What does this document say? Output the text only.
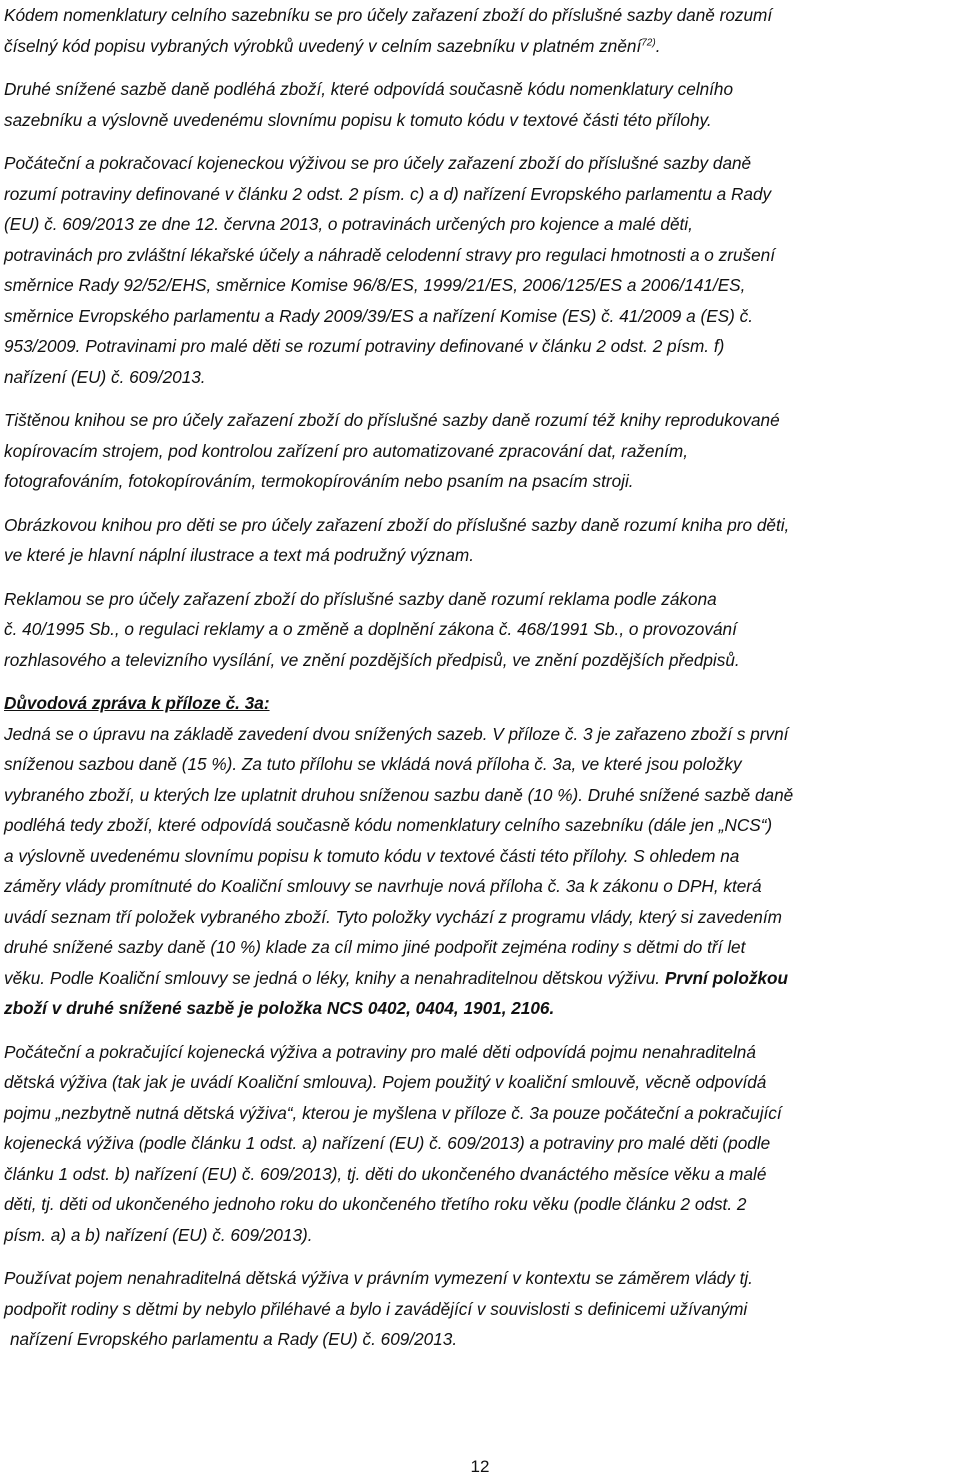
Kódem nomenklatury celního sazebníku se pro účely zařazení zboží do příslušné sazby daně rozumí
číselný kód popisu vybraných výrobků uvedený v celním sazebníku v platném znění$^{72)}$.
Druhé snížené sazbě daně podléhá zboží, které odpovídá současně kódu nomenklatury celního
sazebníku a výslovně uvedenému slovnímu popisu k tomuto kódu v textové části této přílohy.
Počáteční a pokračovací kojeneckou výživou se pro účely zařazení zboží do příslušné sazby daně
rozumí potraviny definované v článku 2 odst. 2 písm. c) a d) nařízení Evropského parlamentu a Rady
(EU) č. 609/2013 ze dne 12. června 2013, o potravinách určených pro kojence a malé děti,
potravinách pro zvláštní lékařské účely a náhradě celodenní stravy pro regulaci hmotnosti a o zrušení
směrnice Rady 92/52/EHS, směrnice Komise 96/8/ES, 1999/21/ES, 2006/125/ES a 2006/141/ES,
směrnice Evropského parlamentu a Rady 2009/39/ES a nařízení Komise (ES) č. 41/2009 a (ES) č.
953/2009. Potravinami pro malé děti se rozumí potraviny definované v článku 2 odst. 2 písm. f)
nařízení (EU) č. 609/2013.
Tištěnou knihou se pro účely zařazení zboží do příslušné sazby daně rozumí též knihy reprodukované
kopírovacím strojem, pod kontrolou zařízení pro automatizované zpracování dat, ražením,
fotografováním, fotokopírováním, termokopírováním nebo psaním na psacím stroji.
Obrázkovou knihou pro děti se pro účely zařazení zboží do příslušné sazby daně rozumí kniha pro děti,
ve které je hlavní náplní ilustrace a text má podružný význam.
Reklamou se pro účely zařazení zboží do příslušné sazby daně rozumí reklama podle zákona
č. 40/1995 Sb., o regulaci reklamy a o změně a doplnění zákona č. 468/1991 Sb., o provozování
rozhlasového a televizního vysílání, ve znění pozdějších předpisů, ve znění pozdějších předpisů.
Důvodová zpráva k příloze č. 3a:
Jedná se o úpravu na základě zavedení dvou snížených sazeb. V příloze č. 3 je zařazeno zboží s první
sníženou sazbou daně (15 %). Za tuto přílohu se vkládá nová příloha č. 3a, ve které jsou položky
vybraného zboží, u kterých lze uplatnit druhou sníženou sazbu daně (10 %). Druhé snížené sazbě daně
podléhá tedy zboží, které odpovídá současně kódu nomenklatury celního sazebníku (dále jen „NCS“)
a výslovně uvedenému slovnímu popisu k tomuto kódu v textové části této přílohy. S ohledem na
záměry vlády promítnuté do Koaliční smlouvy se navrhuje nová příloha č. 3a k zákonu o DPH, která
uvádí seznam tří položek vybraného zboží. Tyto položky vychází z programu vlády, který si zavedením
druhé snížené sazby daně (10 %) klade za cíl mimo jiné podpořit zejména rodiny s dětmi do tří let
věku. Podle Koaliční smlouvy se jedná o léky, knihy a nenahraditelnou dětskou výživu. První položkou
zboží v druhé snížené sazbě je položka NCS 0402, 0404, 1901, 2106.
Počáteční a pokračující kojenecká výživa a potraviny pro malé děti odpovídá pojmu nenahraditelná
dětská výživa (tak jak je uvádí Koaliční smlouva). Pojem použitý v koaliční smlouvě, věcně odpovídá
pojmu „nezbytně nutná dětská výživa“, kterou je myšlena v příloze č. 3a pouze počáteční a pokračující
kojenecká výživa (podle článku 1 odst. a) nařízení (EU) č. 609/2013) a potraviny pro malé děti (podle
článku 1 odst. b) nařízení (EU) č. 609/2013), tj. děti do ukončeného dvanáctého měsíce věku a malé
děti, tj. děti od ukončeného jednoho roku do ukončeného třetího roku věku (podle článku 2 odst. 2
písm. a) a b) nařízení (EU) č. 609/2013).
Používat pojem nenahraditelná dětská výživa v právním vymezení v kontextu se záměrem vlády tj.
podpořit rodiny s dětmi by nebylo přiléhavé a bylo i zavádějící v souvislosti s definicemi užívanými
nařízení Evropského parlamentu a Rady (EU) č. 609/2013.
12
